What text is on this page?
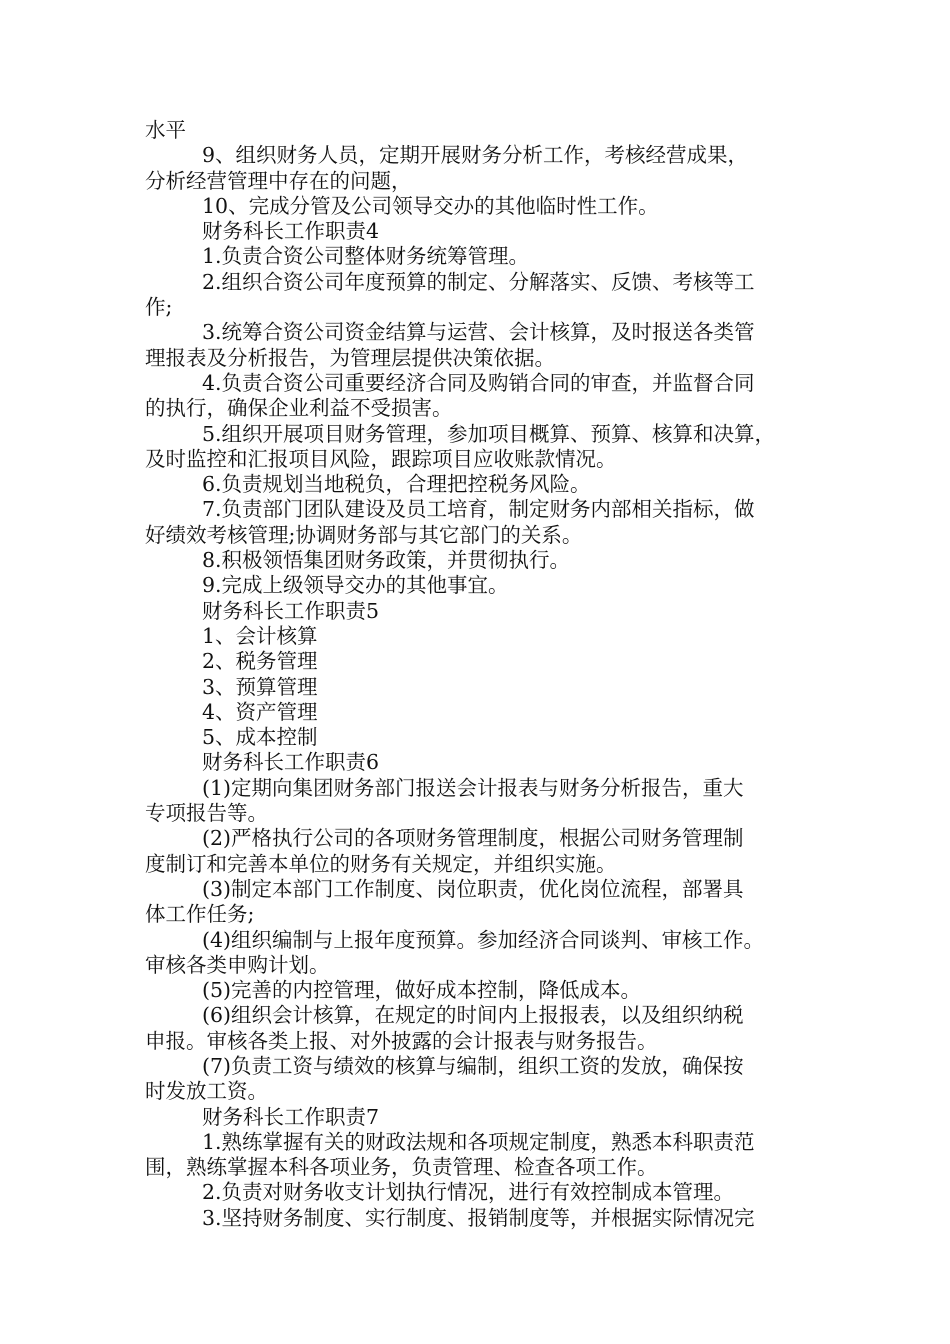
水平
9、组织财务人员，定期开展财务分析工作，考核经营成果，
分析经营管理中存在的问题，
10、完成分管及公司领导交办的其他临时性工作。
财务科长工作职责4
1.负责合资公司整体财务统筹管理。
2.组织合资公司年度预算的制定、分解落实、反馈、考核等工
作;
3.统筹合资公司资金结算与运营、会计核算，及时报送各类管
理报表及分析报告，为管理层提供决策依据。
4.负责合资公司重要经济合同及购销合同的审查，并监督合同
的执行，确保企业利益不受损害。
5.组织开展项目财务管理，参加项目概算、预算、核算和决算，
及时监控和汇报项目风险，跟踪项目应收账款情况。
6.负责规划当地税负，合理把控税务风险。
7.负责部门团队建设及员工培育，制定财务内部相关指标，做
好绩效考核管理;协调财务部与其它部门的关系。
8.积极领悟集团财务政策，并贯彻执行。
9.完成上级领导交办的其他事宜。
财务科长工作职责5
1、会计核算
2、税务管理
3、预算管理
4、资产管理
5、成本控制
财务科长工作职责6
(1)定期向集团财务部门报送会计报表与财务分析报告，重大
专项报告等。
(2)严格执行公司的各项财务管理制度，根据公司财务管理制
度制订和完善本单位的财务有关规定，并组织实施。
(3)制定本部门工作制度、岗位职责，优化岗位流程，部署具
体工作任务;
(4)组织编制与上报年度预算。参加经济合同谈判、审核工作。
审核各类申购计划。
(5)完善的内控管理，做好成本控制，降低成本。
(6)组织会计核算，在规定的时间内上报报表，以及组织纳税
申报。审核各类上报、对外披露的会计报表与财务报告。
(7)负责工资与绩效的核算与编制，组织工资的发放，确保按
时发放工资。
财务科长工作职责7
1.熟练掌握有关的财政法规和各项规定制度，熟悉本科职责范
围，熟练掌握本科各项业务，负责管理、检查各项工作。
2.负责对财务收支计划执行情况，进行有效控制成本管理。
3.坚持财务制度、实行制度、报销制度等，并根据实际情况完
